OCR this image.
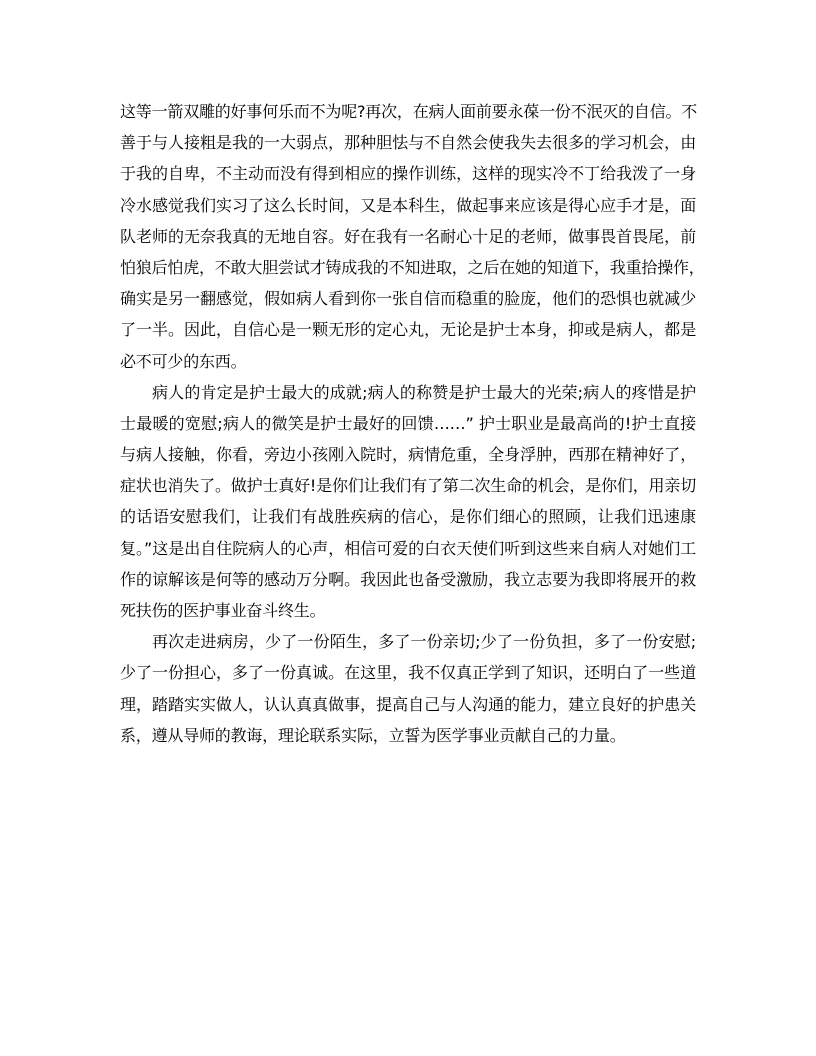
这等一箭双雕的好事何乐而不为呢?再次，在病人面前要永葆一份不泯灭的自信。不
善于与人接粗是我的一大弱点，那种胆怯与不自然会使我失去很多的学习机会，由
于我的自卑，不主动而没有得到相应的操作训练，这样的现实冷不丁给我泼了一身
冷水感觉我们实习了这么长时间，又是本科生，做起事来应该是得心应手才是，面
队老师的无奈我真的无地自容。好在我有一名耐心十足的老师，做事畏首畏尾，前
怕狼后怕虎，不敢大胆尝试才铸成我的不知进取，之后在她的知道下，我重拾操作，
确实是另一翻感觉，假如病人看到你一张自信而稳重的脸庞，他们的恐惧也就减少
了一半。因此，自信心是一颗无形的定心丸，无论是护士本身，抑或是病人，都是
必不可少的东西。
病人的肯定是护士最大的成就;病人的称赞是护士最大的光荣;病人的疼惜是护
士最暖的宽慰;病人的微笑是护士最好的回馈……” 护士职业是最高尚的!护士直接
与病人接触，你看，旁边小孩刚入院时，病情危重，全身浮肿，西那在精神好了，
症状也消失了。做护士真好!是你们让我们有了第二次生命的机会，是你们，用亲切
的话语安慰我们，让我们有战胜疾病的信心，是你们细心的照顾，让我们迅速康
复。”这是出自住院病人的心声，相信可爱的白衣天使们听到这些来自病人对她们工
作的谅解该是何等的感动万分啊。我因此也备受激励，我立志要为我即将展开的救
死扶伤的医护事业奋斗终生。
再次走进病房，少了一份陌生，多了一份亲切;少了一份负担，多了一份安慰;
少了一份担心，多了一份真诚。在这里，我不仅真正学到了知识，还明白了一些道
理，踏踏实实做人，认认真真做事，提高自己与人沟通的能力，建立良好的护患关
系，遵从导师的教诲，理论联系实际，立誓为医学事业贡献自己的力量。
